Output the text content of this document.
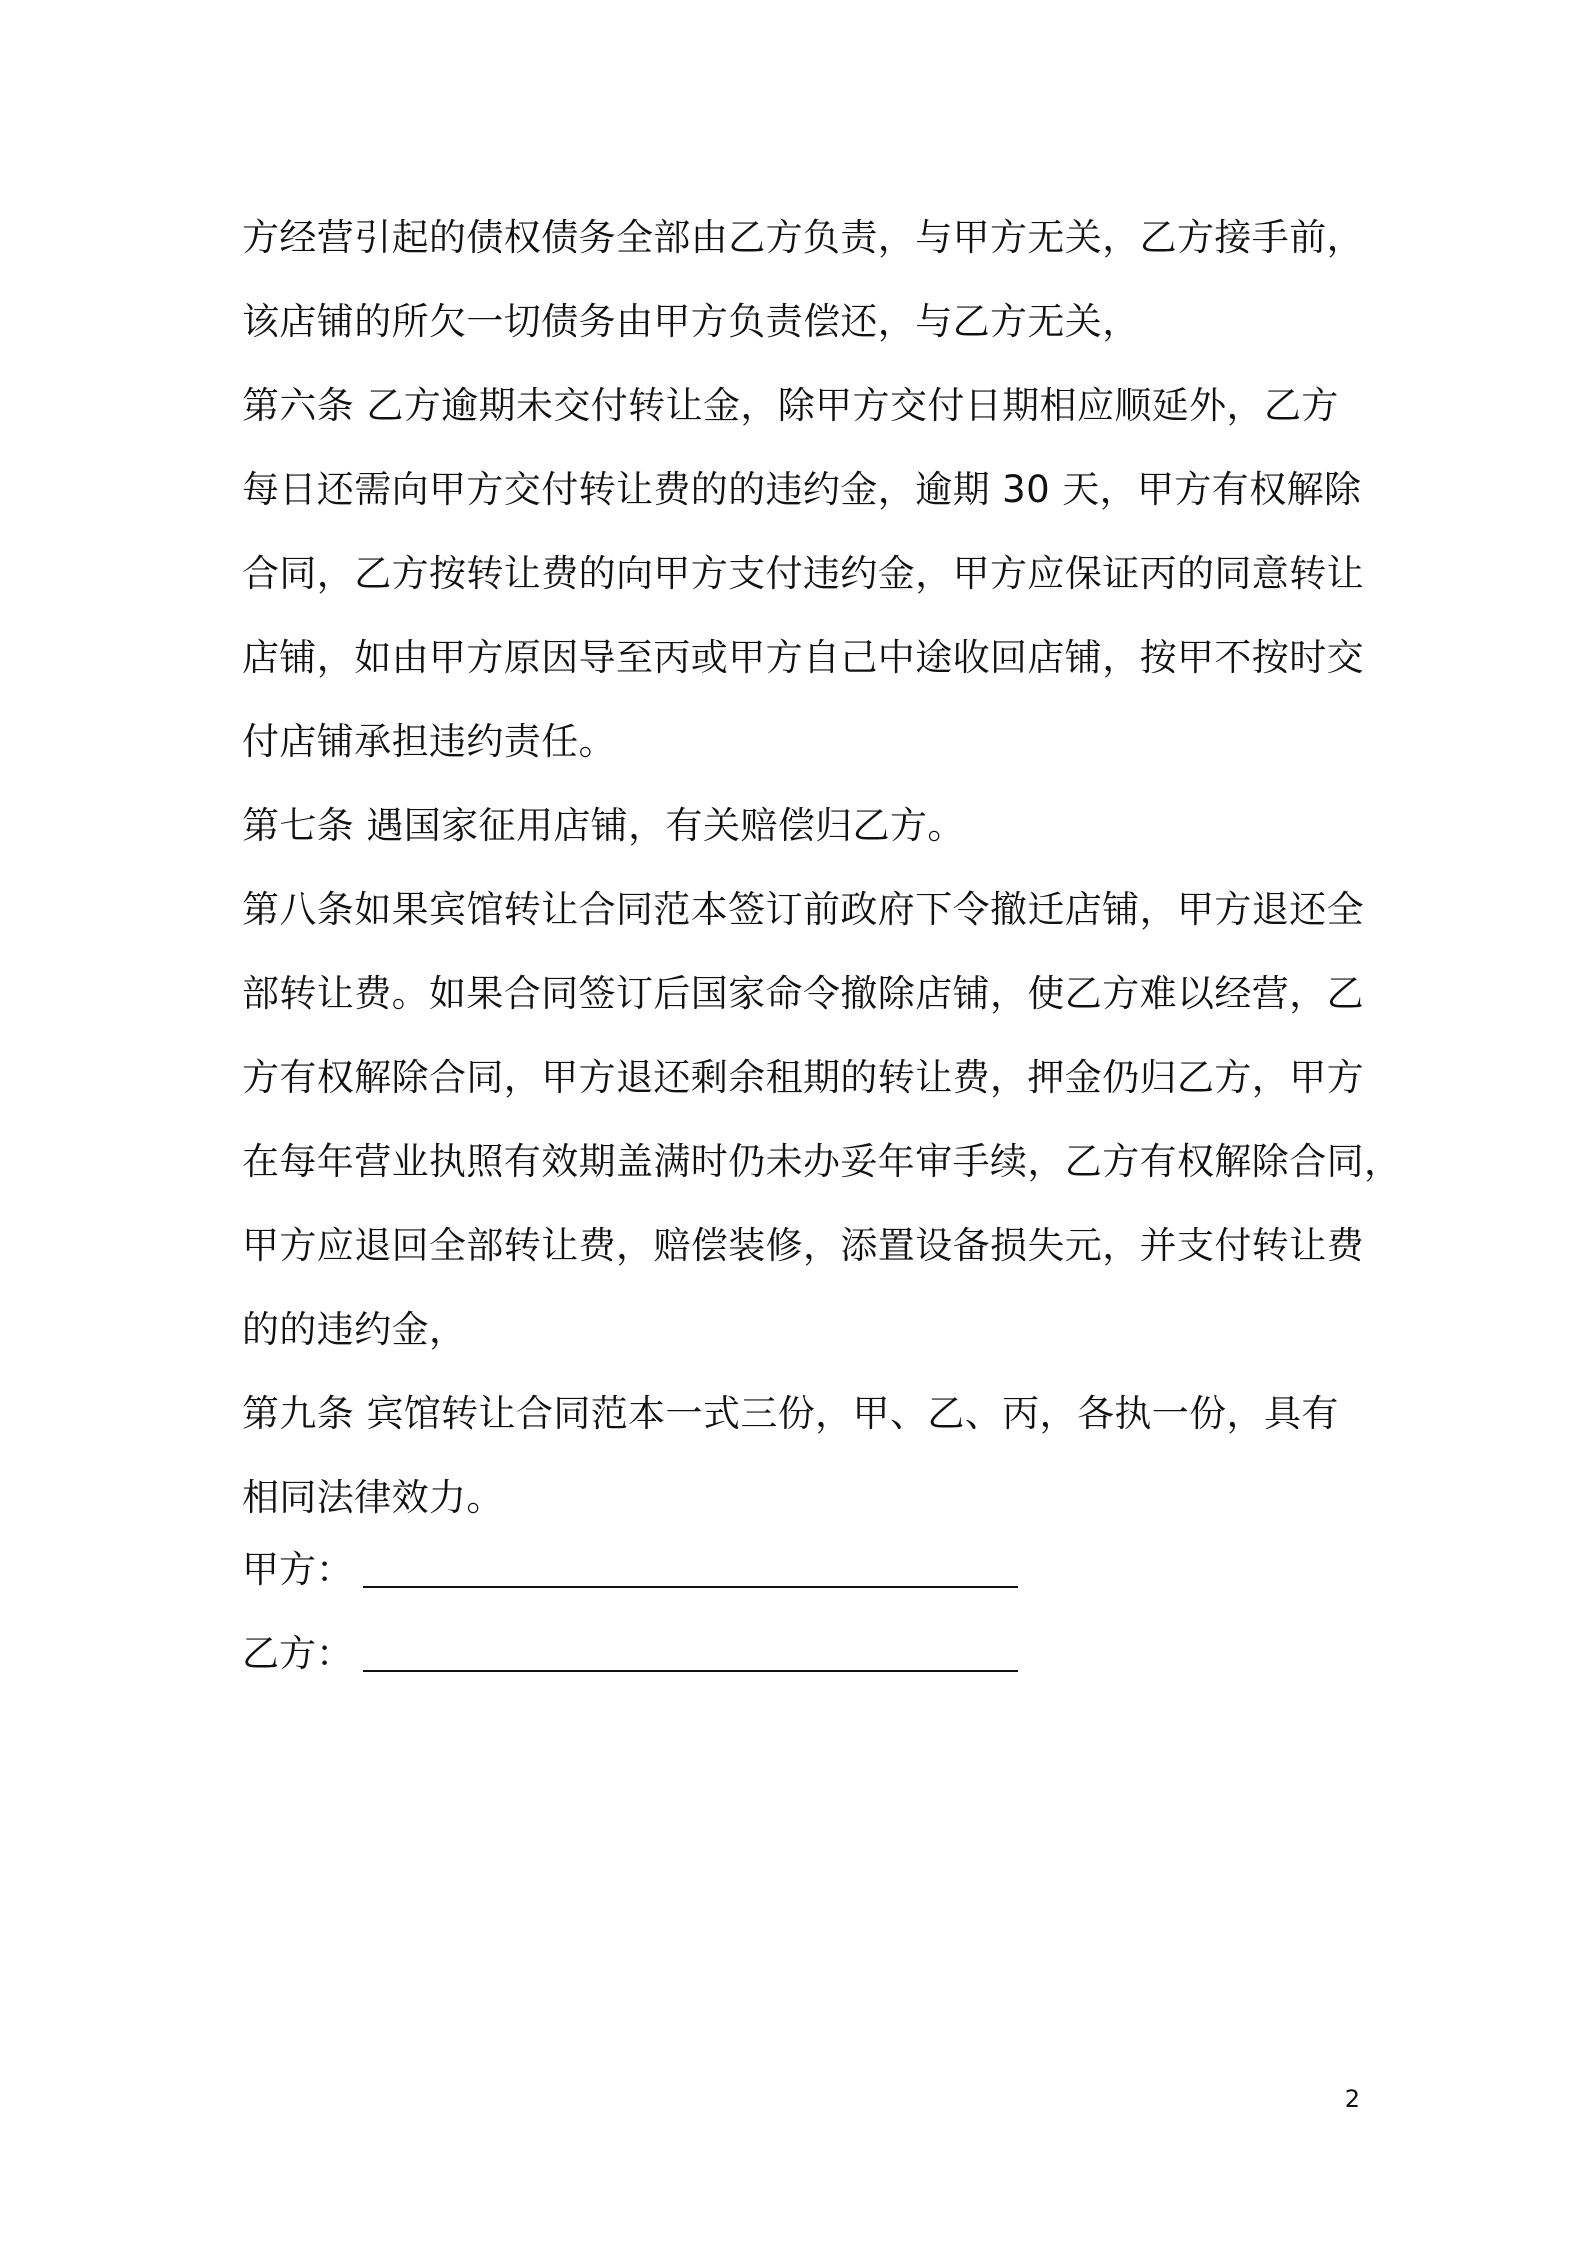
方经营引起的债权债务全部由乙方负责，与甲方无关，乙方接手前，
该店铺的所欠一切债务由甲方负责偿还，与乙方无关，
第六条 乙方逾期未交付转让金，除甲方交付日期相应顺延外，乙方
每日还需向甲方交付转让费的的违约金，逾期 30 天，甲方有权解除
合同，乙方按转让费的向甲方支付违约金，甲方应保证丙的同意转让
店铺，如由甲方原因导至丙或甲方自己中途收回店铺，按甲不按时交
付店铺承担违约责任。
第七条 遇国家征用店铺，有关赔偿归乙方。
第八条如果宾馆转让合同范本签订前政府下令撤迁店铺，甲方退还全
部转让费。如果合同签订后国家命令撤除店铺，使乙方难以经营，乙
方有权解除合同，甲方退还剩余租期的转让费，押金仍归乙方，甲方
在每年营业执照有效期盖满时仍未办妥年审手续，乙方有权解除合同，
甲方应退回全部转让费，赔偿装修，添置设备损失元，并支付转让费
的的违约金，
第九条 宾馆转让合同范本一式三份，甲、乙、丙，各执一份，具有
相同法律效力。
甲方：
乙方：
2
